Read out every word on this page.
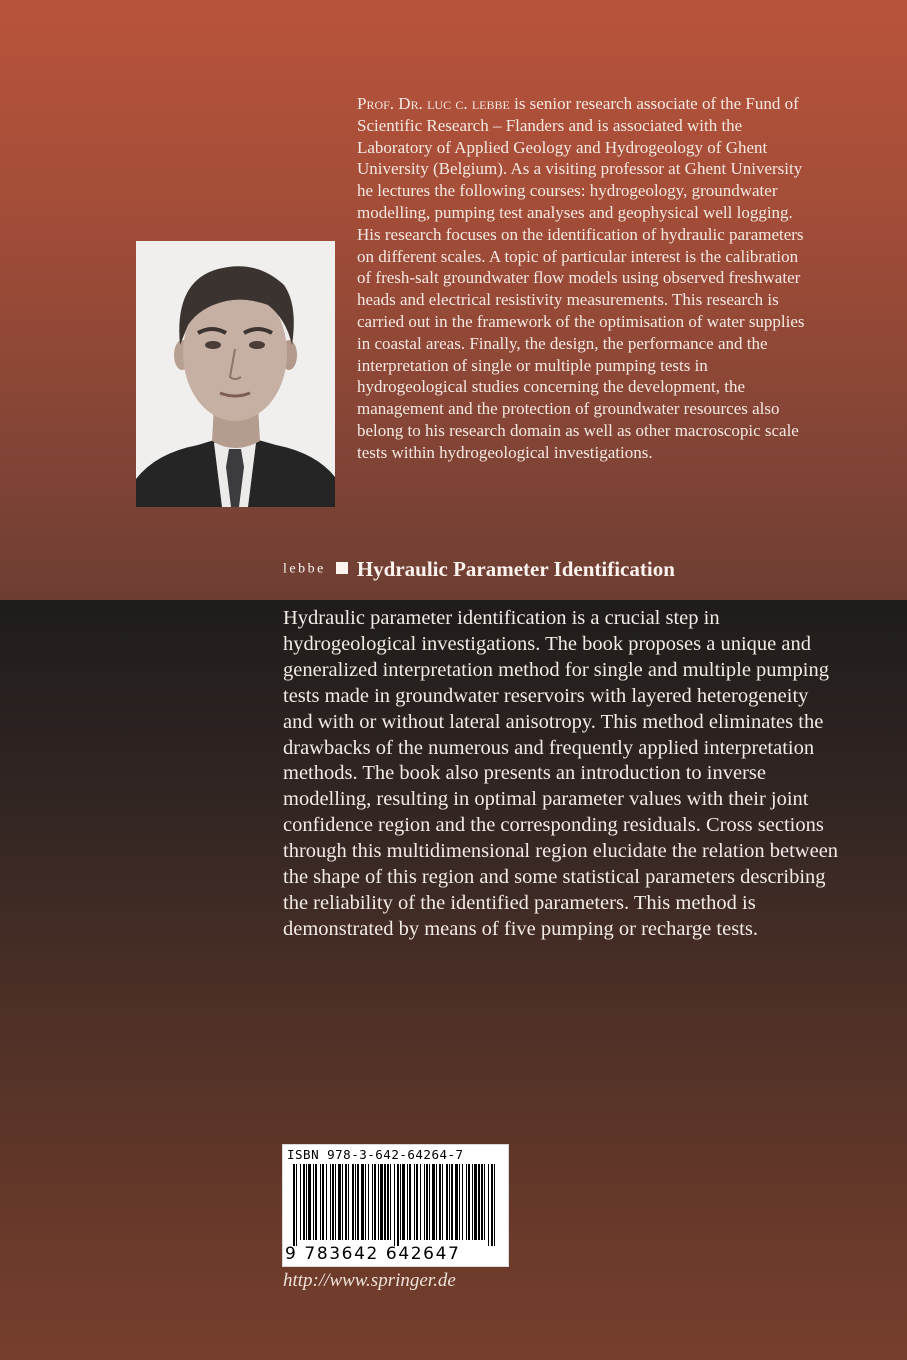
Prof. Dr. luc c. lebbe is senior research associate of the Fund of Scientific Research – Flanders and is associated with the Laboratory of Applied Geology and Hydrogeology of Ghent University (Belgium). As a visiting professor at Ghent University he lectures the following courses: hydrogeology, groundwater modelling, pumping test analyses and geophysical well logging. His research focuses on the identification of hydraulic parameters on different scales. A topic of particular interest is the calibration of fresh-salt groundwater flow models using observed freshwater heads and electrical resistivity measurements. This research is carried out in the framework of the optimisation of water supplies in coastal areas. Finally, the design, the performance and the interpretation of single or multiple pumping tests in hydrogeological studies concerning the development, the management and the protection of groundwater resources also belong to his research domain as well as other macroscopic scale tests within hydrogeological investigations.

lebbe Hydraulic Parameter Identification

Hydraulic parameter identification is a crucial step in hydrogeological investigations. The book proposes a unique and generalized interpretation method for single and multiple pumping tests made in groundwater reservoirs with layered heterogeneity and with or without lateral anisotropy. This method eliminates the drawbacks of the numerous and frequently applied interpretation methods. The book also presents an introduction to inverse modelling, resulting in optimal parameter values with their joint confidence region and the corresponding residuals. Cross sections through this multidimensional region elucidate the relation between the shape of this region and some statistical parameters describing the reliability of the identified parameters. This method is demonstrated by means of five pumping or recharge tests.

ISBN 978-3-642-64264-7
9 783642 642647
http://www.springer.de
